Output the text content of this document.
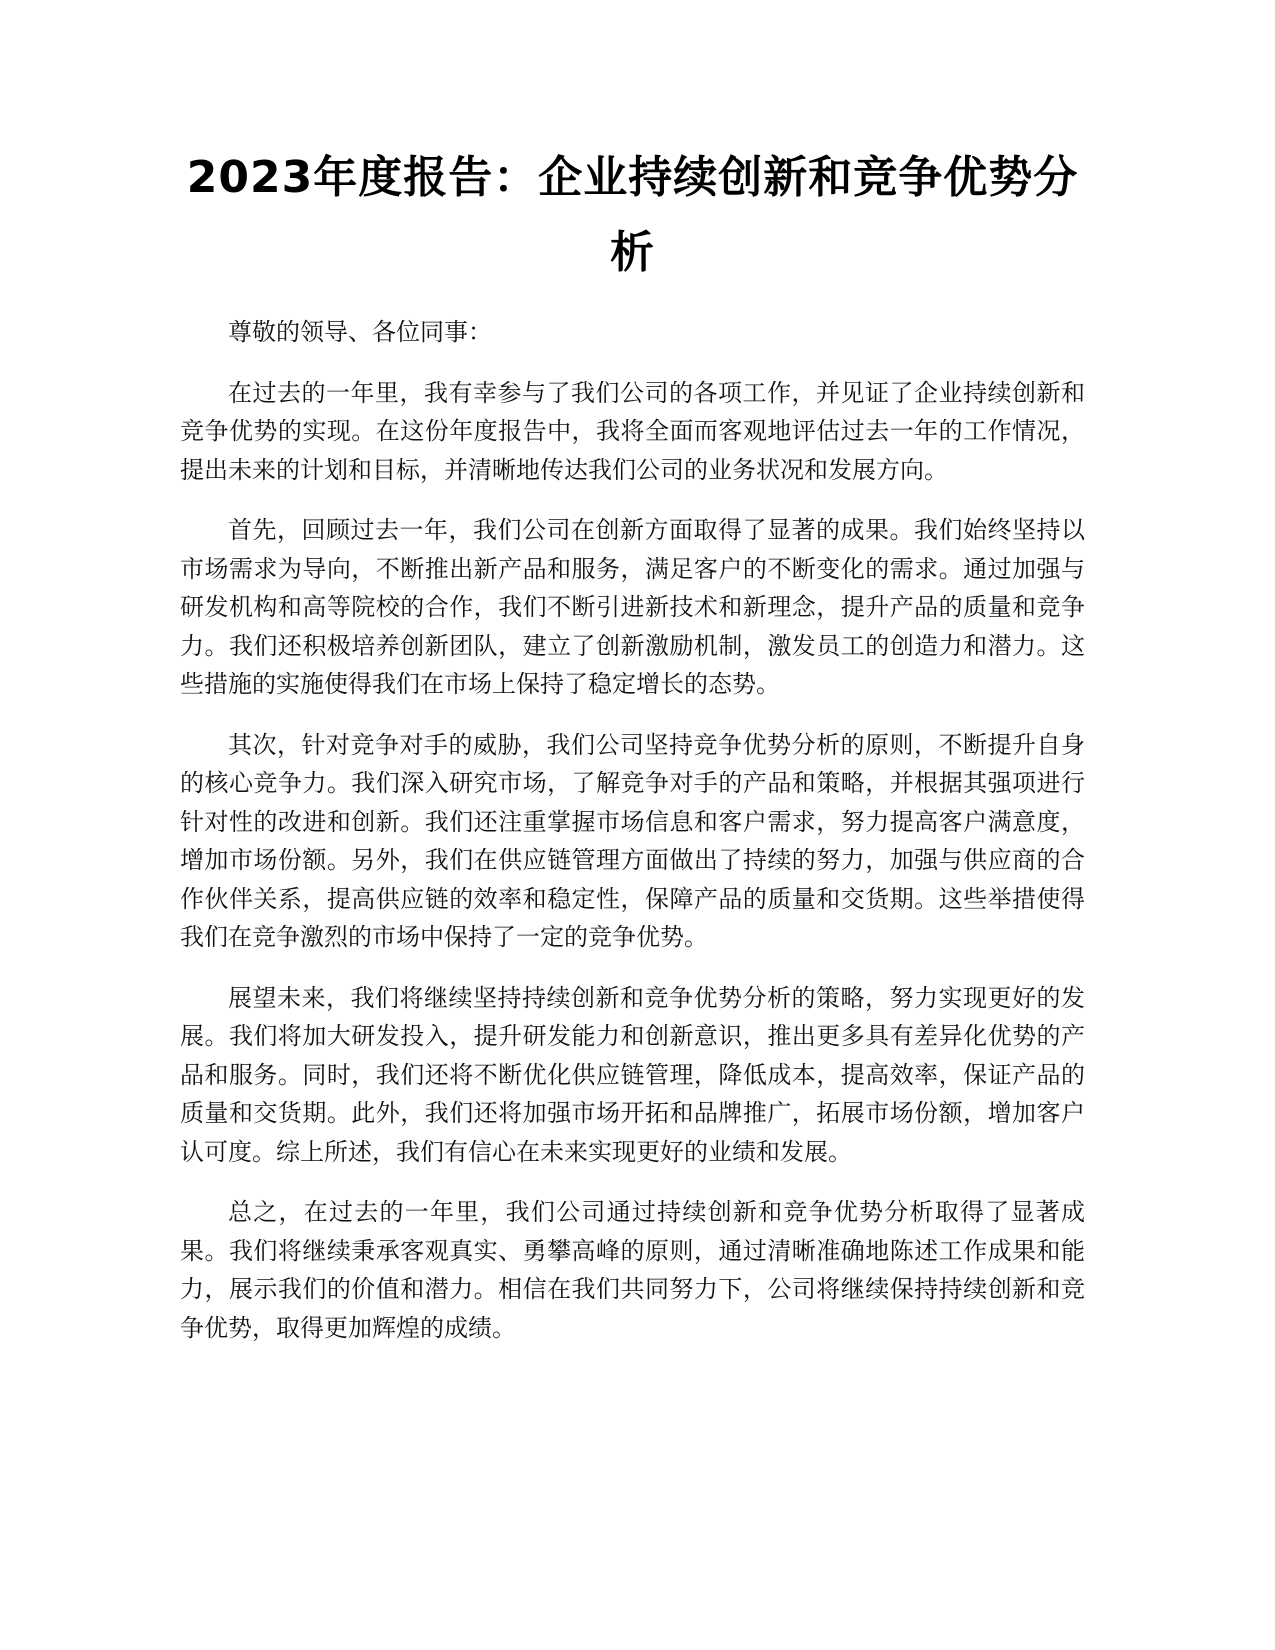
2023年度报告：企业持续创新和竞争优势分析

尊敬的领导、各位同事：

在过去的一年里，我有幸参与了我们公司的各项工作，并见证了企业持续创新和竞争优势的实现。在这份年度报告中，我将全面而客观地评估过去一年的工作情况，提出未来的计划和目标，并清晰地传达我们公司的业务状况和发展方向。

首先，回顾过去一年，我们公司在创新方面取得了显著的成果。我们始终坚持以市场需求为导向，不断推出新产品和服务，满足客户的不断变化的需求。通过加强与研发机构和高等院校的合作，我们不断引进新技术和新理念，提升产品的质量和竞争力。我们还积极培养创新团队，建立了创新激励机制，激发员工的创造力和潜力。这些措施的实施使得我们在市场上保持了稳定增长的态势。

其次，针对竞争对手的威胁，我们公司坚持竞争优势分析的原则，不断提升自身的核心竞争力。我们深入研究市场，了解竞争对手的产品和策略，并根据其强项进行针对性的改进和创新。我们还注重掌握市场信息和客户需求，努力提高客户满意度，增加市场份额。另外，我们在供应链管理方面做出了持续的努力，加强与供应商的合作伙伴关系，提高供应链的效率和稳定性，保障产品的质量和交货期。这些举措使得我们在竞争激烈的市场中保持了一定的竞争优势。

展望未来，我们将继续坚持持续创新和竞争优势分析的策略，努力实现更好的发展。我们将加大研发投入，提升研发能力和创新意识，推出更多具有差异化优势的产品和服务。同时，我们还将不断优化供应链管理，降低成本，提高效率，保证产品的质量和交货期。此外，我们还将加强市场开拓和品牌推广，拓展市场份额，增加客户认可度。综上所述，我们有信心在未来实现更好的业绩和发展。

总之，在过去的一年里，我们公司通过持续创新和竞争优势分析取得了显著成果。我们将继续秉承客观真实、勇攀高峰的原则，通过清晰准确地陈述工作成果和能力，展示我们的价值和潜力。相信在我们共同努力下，公司将继续保持持续创新和竞争优势，取得更加辉煌的成绩。
